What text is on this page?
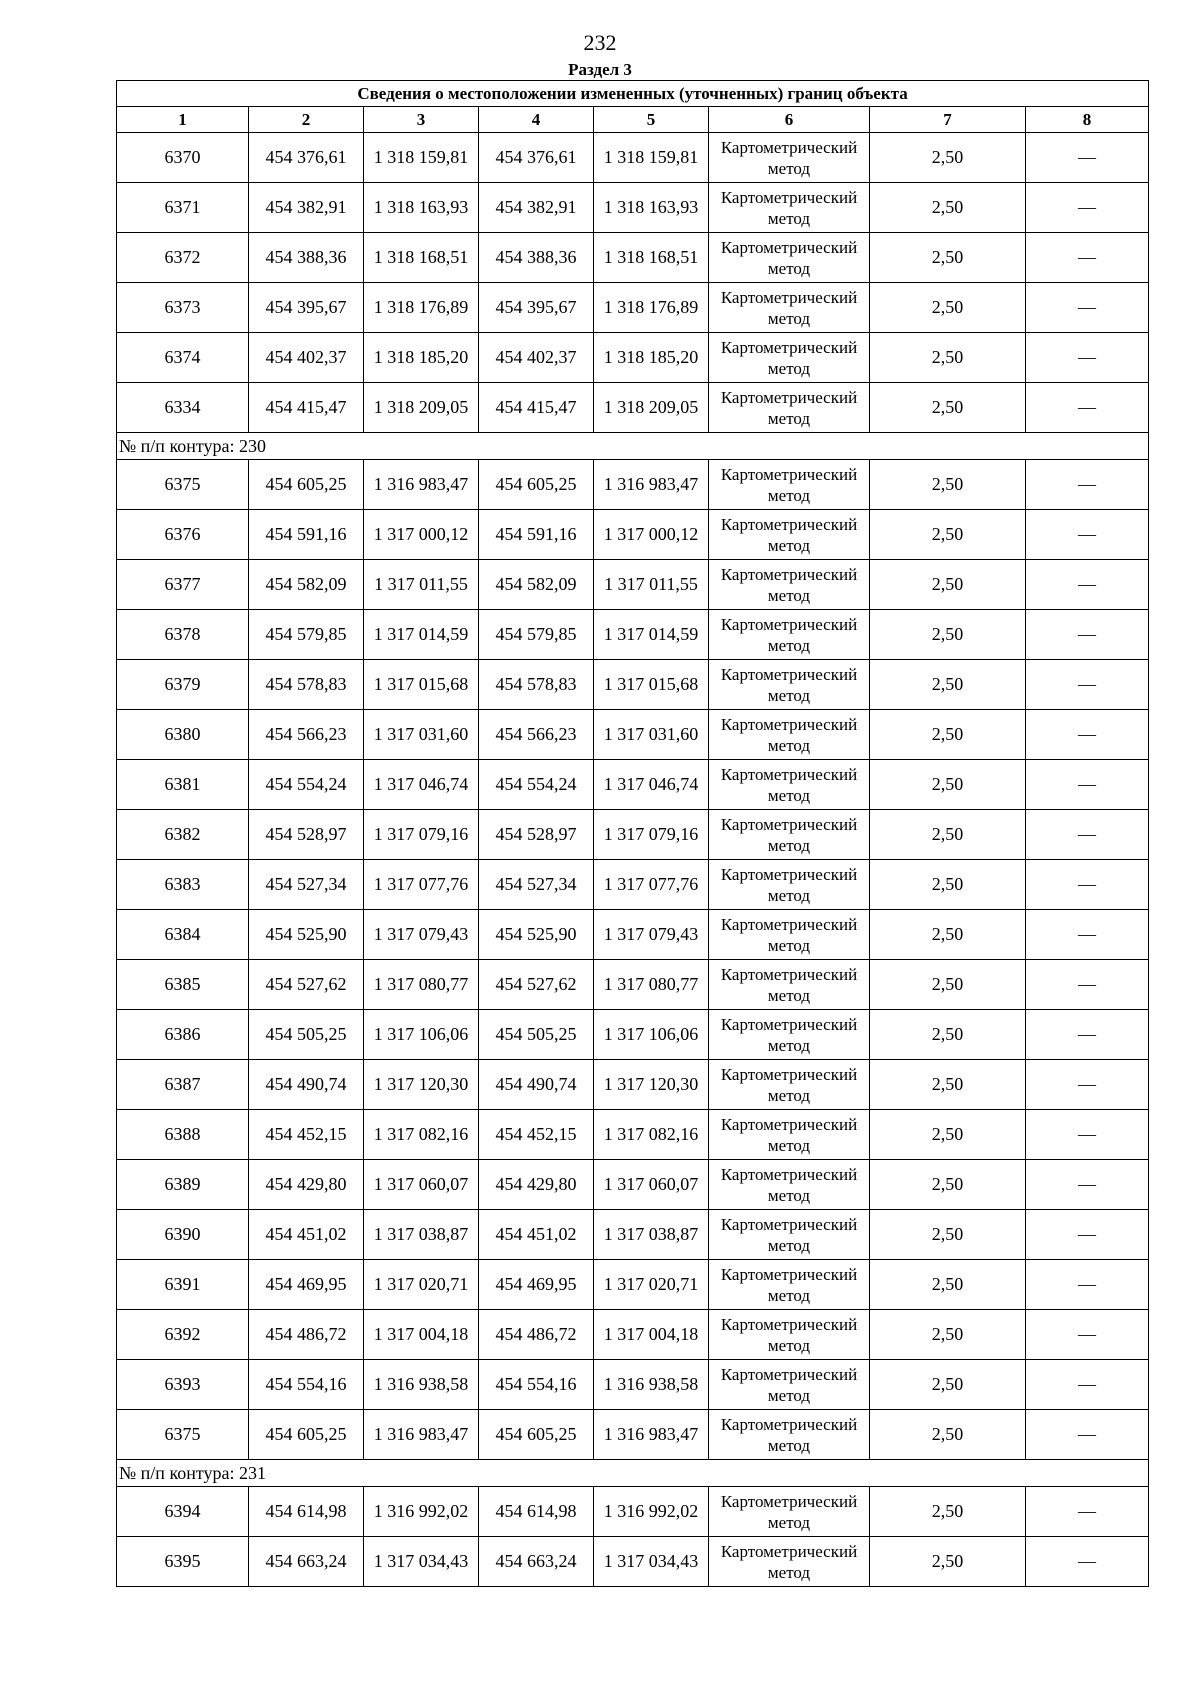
232
Раздел 3
Сведения о местоположении измененных (уточненных) границ объекта							
1	2	3	4	5	6	7	8
6370	454 376,61	1 318 159,81	454 376,61	1 318 159,81	Картометрический метод	2,50	—
6371	454 382,91	1 318 163,93	454 382,91	1 318 163,93	Картометрический метод	2,50	—
6372	454 388,36	1 318 168,51	454 388,36	1 318 168,51	Картометрический метод	2,50	—
6373	454 395,67	1 318 176,89	454 395,67	1 318 176,89	Картометрический метод	2,50	—
6374	454 402,37	1 318 185,20	454 402,37	1 318 185,20	Картометрический метод	2,50	—
6334	454 415,47	1 318 209,05	454 415,47	1 318 209,05	Картометрический метод	2,50	—
№ п/п контура: 230							
6375	454 605,25	1 316 983,47	454 605,25	1 316 983,47	Картометрический метод	2,50	—
6376	454 591,16	1 317 000,12	454 591,16	1 317 000,12	Картометрический метод	2,50	—
6377	454 582,09	1 317 011,55	454 582,09	1 317 011,55	Картометрический метод	2,50	—
6378	454 579,85	1 317 014,59	454 579,85	1 317 014,59	Картометрический метод	2,50	—
6379	454 578,83	1 317 015,68	454 578,83	1 317 015,68	Картометрический метод	2,50	—
6380	454 566,23	1 317 031,60	454 566,23	1 317 031,60	Картометрический метод	2,50	—
6381	454 554,24	1 317 046,74	454 554,24	1 317 046,74	Картометрический метод	2,50	—
6382	454 528,97	1 317 079,16	454 528,97	1 317 079,16	Картометрический метод	2,50	—
6383	454 527,34	1 317 077,76	454 527,34	1 317 077,76	Картометрический метод	2,50	—
6384	454 525,90	1 317 079,43	454 525,90	1 317 079,43	Картометрический метод	2,50	—
6385	454 527,62	1 317 080,77	454 527,62	1 317 080,77	Картометрический метод	2,50	—
6386	454 505,25	1 317 106,06	454 505,25	1 317 106,06	Картометрический метод	2,50	—
6387	454 490,74	1 317 120,30	454 490,74	1 317 120,30	Картометрический метод	2,50	—
6388	454 452,15	1 317 082,16	454 452,15	1 317 082,16	Картометрический метод	2,50	—
6389	454 429,80	1 317 060,07	454 429,80	1 317 060,07	Картометрический метод	2,50	—
6390	454 451,02	1 317 038,87	454 451,02	1 317 038,87	Картометрический метод	2,50	—
6391	454 469,95	1 317 020,71	454 469,95	1 317 020,71	Картометрический метод	2,50	—
6392	454 486,72	1 317 004,18	454 486,72	1 317 004,18	Картометрический метод	2,50	—
6393	454 554,16	1 316 938,58	454 554,16	1 316 938,58	Картометрический метод	2,50	—
6375	454 605,25	1 316 983,47	454 605,25	1 316 983,47	Картометрический метод	2,50	—
№ п/п контура: 231							
6394	454 614,98	1 316 992,02	454 614,98	1 316 992,02	Картометрический метод	2,50	—
6395	454 663,24	1 317 034,43	454 663,24	1 317 034,43	Картометрический метод	2,50	—
